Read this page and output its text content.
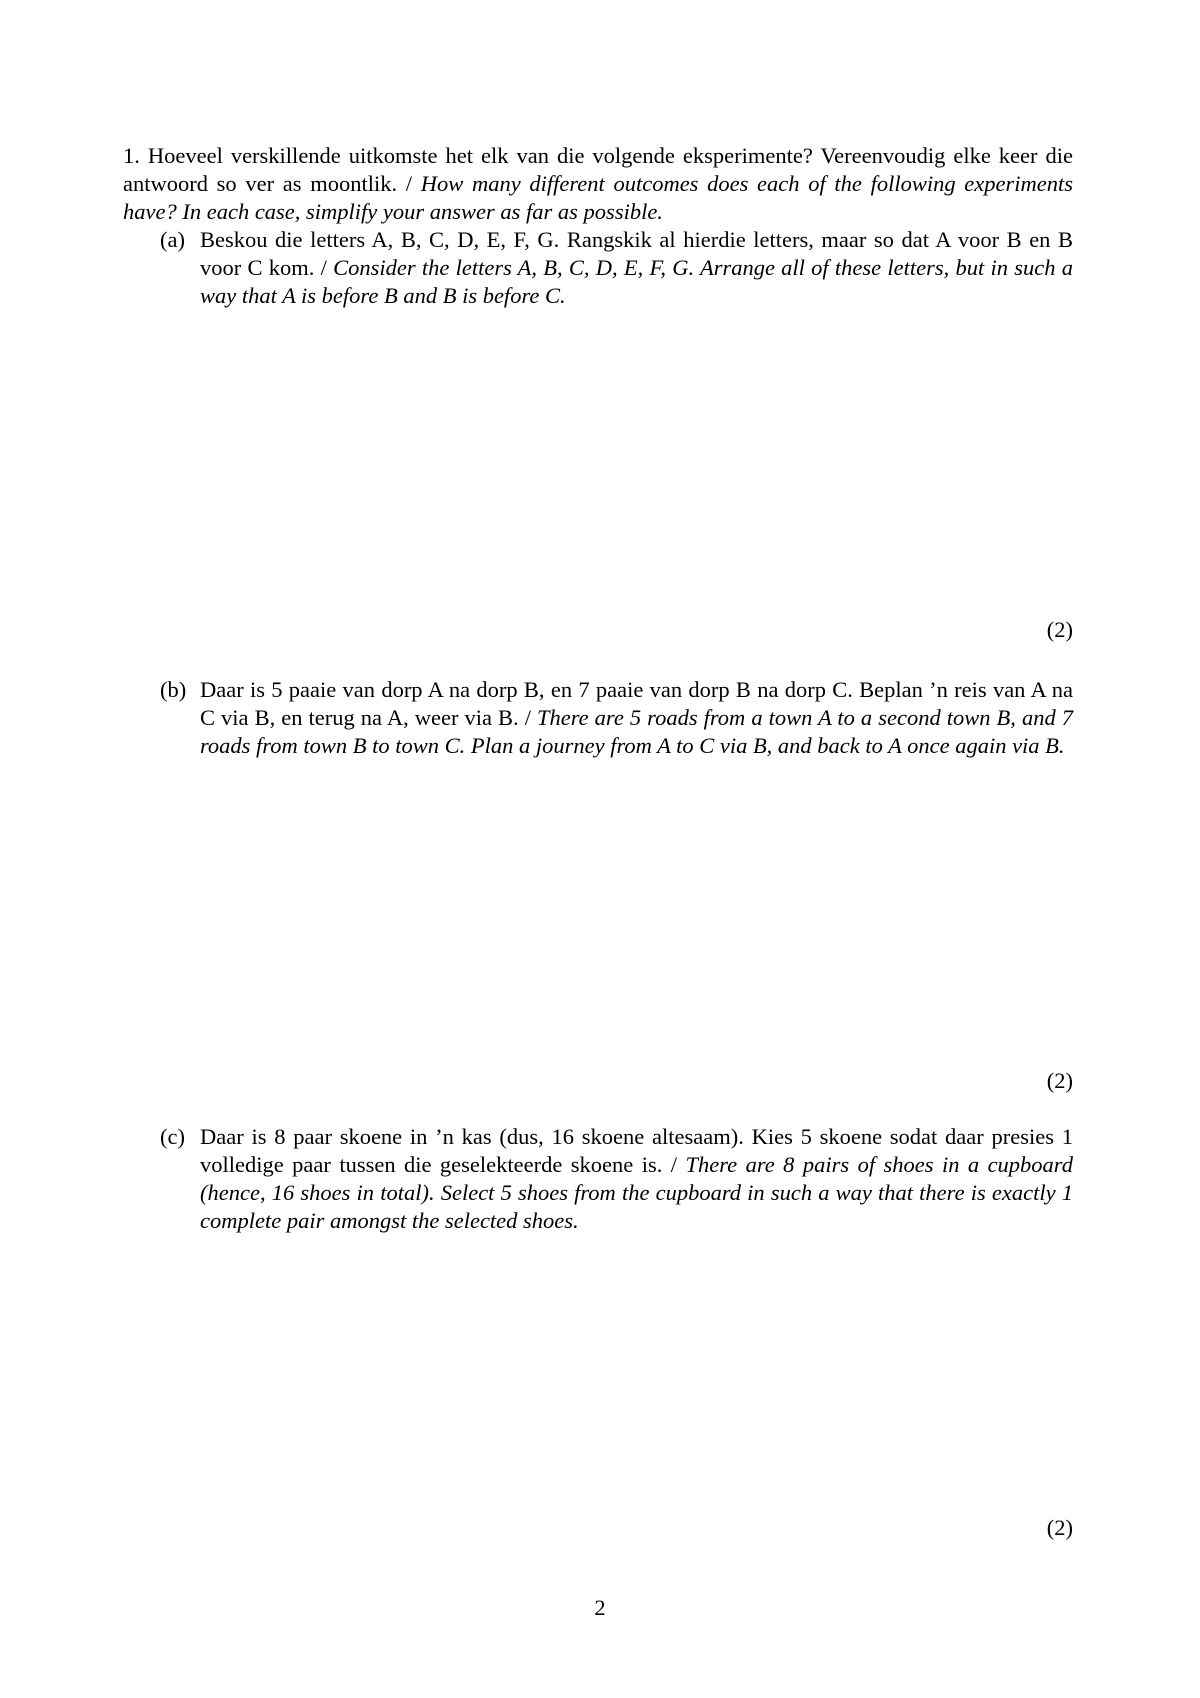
1. Hoeveel verskillende uitkomste het elk van die volgende eksperimente? Vereenvoudig elke keer die antwoord so ver as moontlik. / How many different outcomes does each of the following experiments have? In each case, simplify your answer as far as possible.
(a) Beskou die letters A, B, C, D, E, F, G. Rangskik al hierdie letters, maar so dat A voor B en B voor C kom. / Consider the letters A, B, C, D, E, F, G. Arrange all of these letters, but in such a way that A is before B and B is before C.
(2)
(b) Daar is 5 paaie van dorp A na dorp B, en 7 paaie van dorp B na dorp C. Beplan ’n reis van A na C via B, en terug na A, weer via B. / There are 5 roads from a town A to a second town B, and 7 roads from town B to town C. Plan a journey from A to C via B, and back to A once again via B.
(2)
(c) Daar is 8 paar skoene in ’n kas (dus, 16 skoene altesaam). Kies 5 skoene sodat daar presies 1 volledige paar tussen die geselekteerde skoene is. / There are 8 pairs of shoes in a cupboard (hence, 16 shoes in total). Select 5 shoes from the cupboard in such a way that there is exactly 1 complete pair amongst the selected shoes.
(2)
2
